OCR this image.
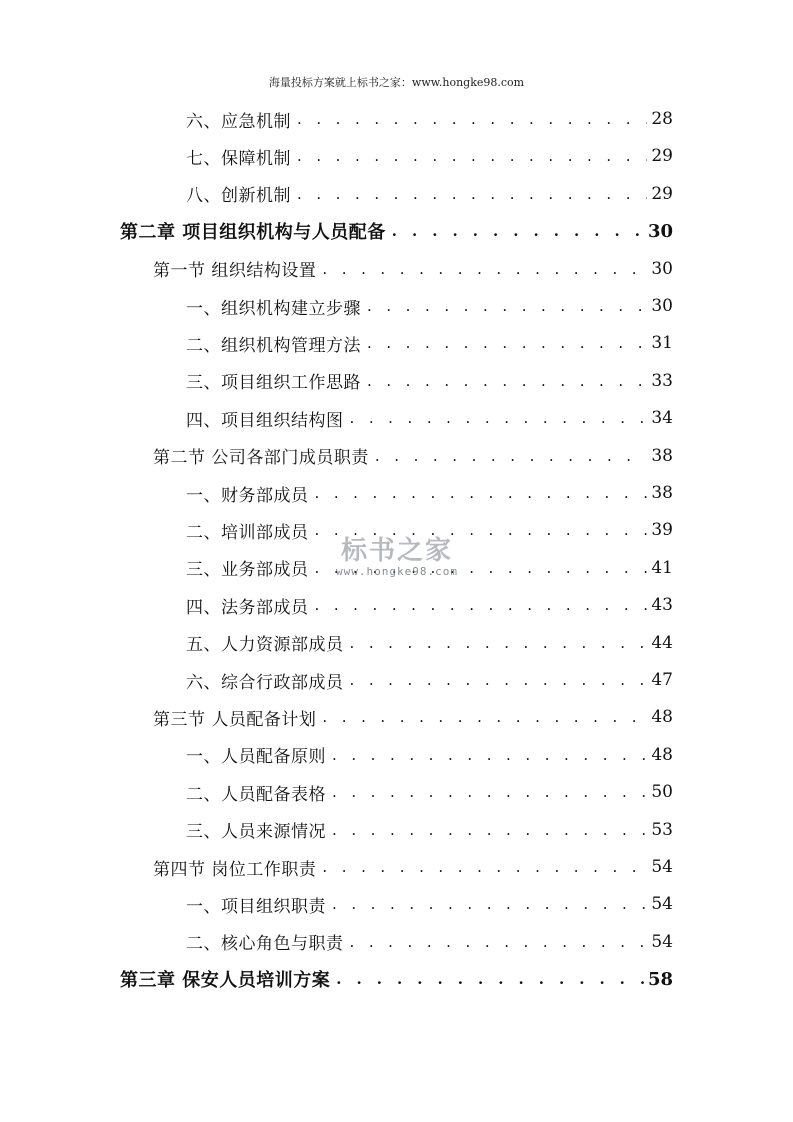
海量投标方案就上标书之家：www.hongke98.com
六、应急机制 . . .	28
七、保障机制 . . .	29
八、创新机制 . . .	29
第二章 项目组织机构与人员配备 . . .	30
第一节 组织结构设置 . . .	30
一、组织机构建立步骤 . . .	30
二、组织机构管理方法 . . .	31
三、项目组织工作思路 . . .	33
四、项目组织结构图 . . .	34
第二节 公司各部门成员职责 . . .	38
一、财务部成员 . . .	38
二、培训部成员 . . .	39
三、业务部成员 . . .	41
四、法务部成员 . . .	43
五、人力资源部成员 . . .	44
六、综合行政部成员 . . .	47
第三节 人员配备计划 . . .	48
一、人员配备原则 . . .	48
二、人员配备表格 . . .	50
三、人员来源情况 . . .	53
第四节 岗位工作职责 . . .	54
一、项目组织职责 . . .	54
二、核心角色与职责 . . .	54
第三章 保安人员培训方案 . . .	58
标书之家
www.hongke98.com
